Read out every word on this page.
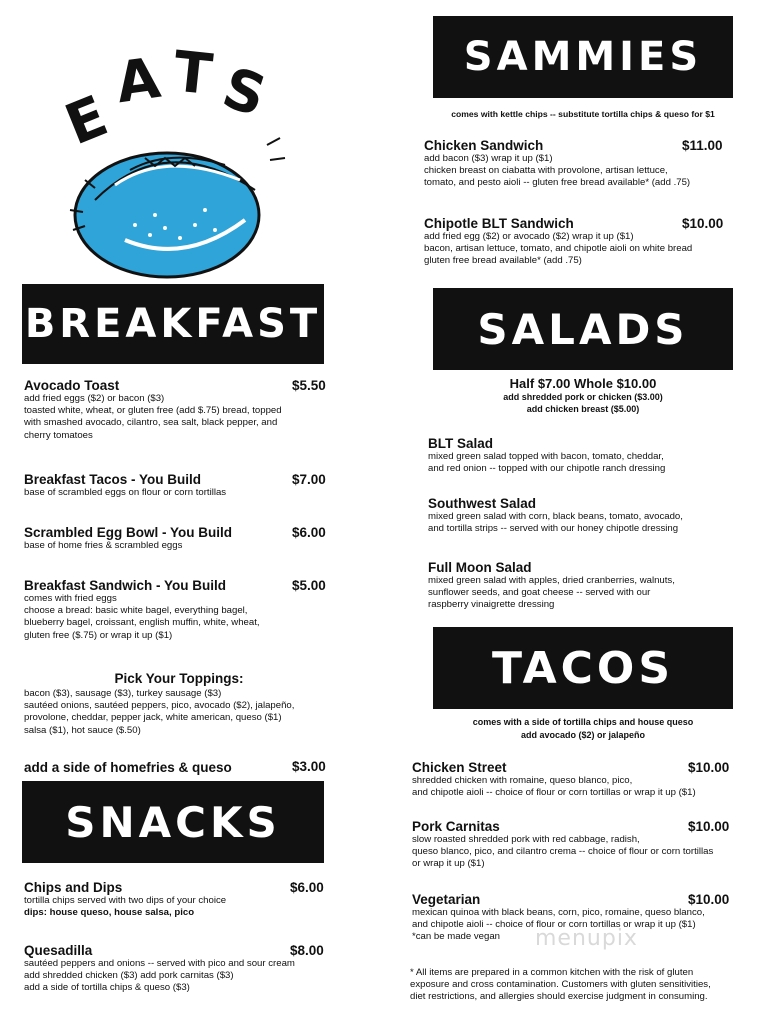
E
A T S
BREAKFAST
Avocado Toast	$5.50
add fried eggs ($2) or bacon ($3)
toasted white, wheat, or gluten free (add $.75) bread, topped
with smashed avocado, cilantro, sea salt, black pepper, and
cherry tomatoes
Breakfast Tacos - You Build	$7.00
base of scrambled eggs on flour or corn tortillas
Scrambled Egg Bowl - You Build	$6.00
base of home fries & scrambled eggs
Breakfast Sandwich - You Build	$5.00
comes with fried eggs
choose a bread: basic white bagel, everything bagel,
blueberry bagel, croissant, english muffin, white, wheat,
gluten free ($.75) or wrap it up ($1)
Pick Your Toppings:
bacon ($3), sausage ($3), turkey sausage ($3)
sautéed onions, sautéed peppers, pico, avocado ($2), jalapeño,
provolone, cheddar, pepper jack, white american, queso ($1)
salsa ($1), hot sauce ($.50)
add a side of homefries & queso	$3.00
SNACKS
Chips and Dips	$6.00
tortilla chips served with two dips of your choice
dips: house queso, house salsa, pico
Quesadilla	$8.00
sautéed peppers and onions -- served with pico and sour cream
add shredded chicken ($3) add pork carnitas ($3)
add a side of tortilla chips & queso ($3)
SAMMIES
comes with kettle chips -- substitute tortilla chips & queso for $1
Chicken Sandwich	$11.00
add bacon ($3) wrap it up ($1)
chicken breast on ciabatta with provolone, artisan lettuce,
tomato, and pesto aioli -- gluten free bread available* (add .75)
Chipotle BLT Sandwich	$10.00
add fried egg ($2) or avocado ($2) wrap it up ($1)
bacon, artisan lettuce, tomato, and chipotle aioli on white bread
gluten free bread available* (add .75)
SALADS
Half $7.00 Whole $10.00
add shredded pork or chicken ($3.00)
add chicken breast ($5.00)
BLT Salad
mixed green salad topped with bacon, tomato, cheddar,
and red onion -- topped with our chipotle ranch dressing
Southwest Salad
mixed green salad with corn, black beans, tomato, avocado,
and tortilla strips -- served with our honey chipotle dressing
Full Moon Salad
mixed green salad with apples, dried cranberries, walnuts,
sunflower seeds, and goat cheese -- served with our
raspberry vinaigrette dressing
TACOS
comes with a side of tortilla chips and house queso
add avocado ($2) or jalapeño
Chicken Street	$10.00
shredded chicken with romaine, queso blanco, pico,
and chipotle aioli -- choice of flour or corn tortillas or wrap it up ($1)
Pork Carnitas	$10.00
slow roasted shredded pork with red cabbage, radish,
queso blanco, pico, and cilantro crema -- choice of flour or corn tortillas
or wrap it up ($1)
Vegetarian	$10.00
mexican quinoa with black beans, corn, pico, romaine, queso blanco,
and chipotle aioli -- choice of flour or corn tortillas or wrap it up ($1)
*can be made vegan	menupix
* All items are prepared in a common kitchen with the risk of gluten
exposure and cross contamination. Customers with gluten sensitivities,
diet restrictions, and allergies should exercise judgment in consuming.
